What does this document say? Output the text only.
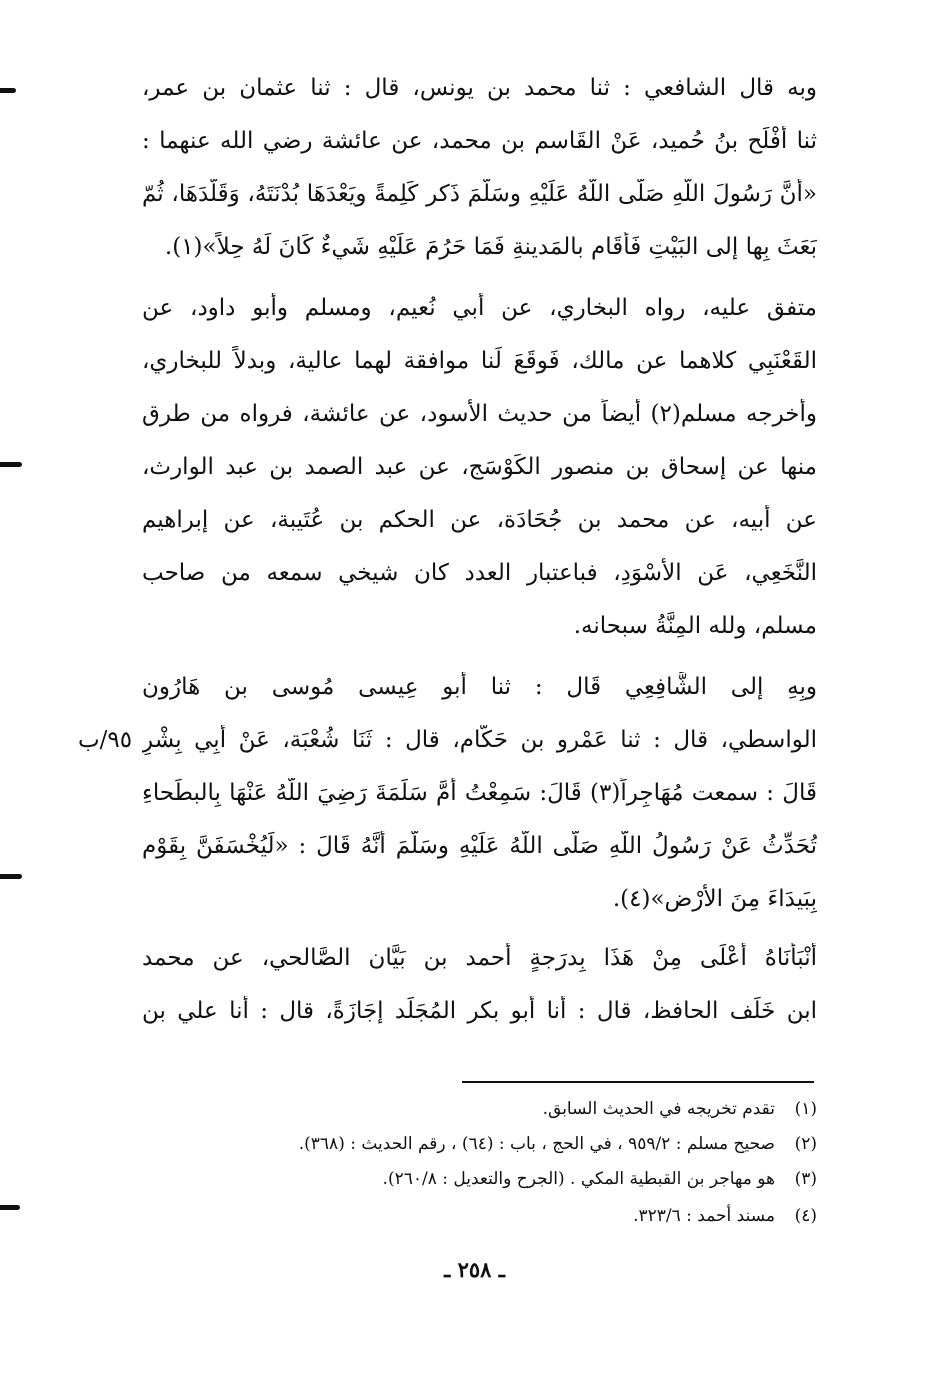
وبه قال الشافعي : ثنا محمد بن يونس، قال : ثنا عثمان بن عمر،
ثنا أَفْلَح بنُ حُميد، عَنْ القَاسم بن محمد، عن عائشة رضي الله عنهما :
«أَنَّ رَسُولَ اللَّهِ صَلَّى اللَّهُ عَلَيْهِ وسَلَّمَ ذَكر كَلِمةً ويَعْدَهَا بُدْنَتَهُ، وَقَلَّدَهَا، ثُمّ
بَعَثَ بِها إلى البَيْتِ فَأقَام بالمَدينةِ فَمَا حَرُمَ عَلَيْهِ شَيءٌ كَانَ لَهُ حِلاً»(١).
متفق عليه، رواه البخاري، عن أبي نُعيم، ومسلم وأبو داود، عن
القَعْنَبِي كلاهما عن مالك، فَوقَعَ لَنا موافقة لهما عالية، وبدلاً للبخاري،
وأخرجه مسلم(٢) أيضاً من حديث الأسود، عن عائشة، فرواه من طرق
منها عن إسحاق بن منصور الكَوْسَج، عن عبد الصمد بن عبد الوارث،
عن أبيه، عن محمد بن جُحَادَة، عن الحكم بن عُتَيبة، عن إبراهيم
النَّخَعِي، عَن الأَسْوَدِ، فباعتبار العدد كان شيخي سمعه من صاحب
مسلم، ولله المِنَّةُ سبحانه.
وبِهِ إلى الشَّافِعِي قَال : ثنا أبو عِيسى مُوسى بن هَارُون
الواسطي، قال : ثنا عَمْرو بن حَكّام، قال : ثَنَا شُعْبَة، عَنْ أَبِي بِشْرٍ
قَالَ : سمعت مُهَاجِراً(٣) قَالَ: سَمِعْتُ أُمَّ سَلَمَةَ رَضِيَ اللَّهُ عَنْهَا بِالبطَحاءِ
تُحَدِّثُ عَنْ رَسُولُ اللَّهِ صَلَّى اللَّهُ عَلَيْهِ وسَلَّمَ أَنَّهُ قَالَ : «لَيُخْسَفَنَّ بِقَوْم
بِبَيدَاءَ مِنَ الأَرْضِ»(٤).
٩٥/ب
أَنْبَأَنَاهُ أَعْلَى مِنْ هَذَا بِدرَجةٍ أحمد بن بَيَّان الصَّالحي، عن محمد
ابن خَلَف الحافظ، قال : أنا أبو بكر المُجَلِّد إجَازَةً، قال : أنا علي بن
(١)تقدم تخريجه في الحديث السابق.
(٢)صحيح مسلم : ٩٥٩/٢ ، في الحج ، باب : (٦٤) ، رقم الحديث : (٣٦٨).
(٣)هو مهاجر بن القبطية المكي . (الجرح والتعديل : ٢٦٠/٨).
(٤)مسند أحمد : ٣٢٣/٦.
ـ ٢٥٨ ـ
